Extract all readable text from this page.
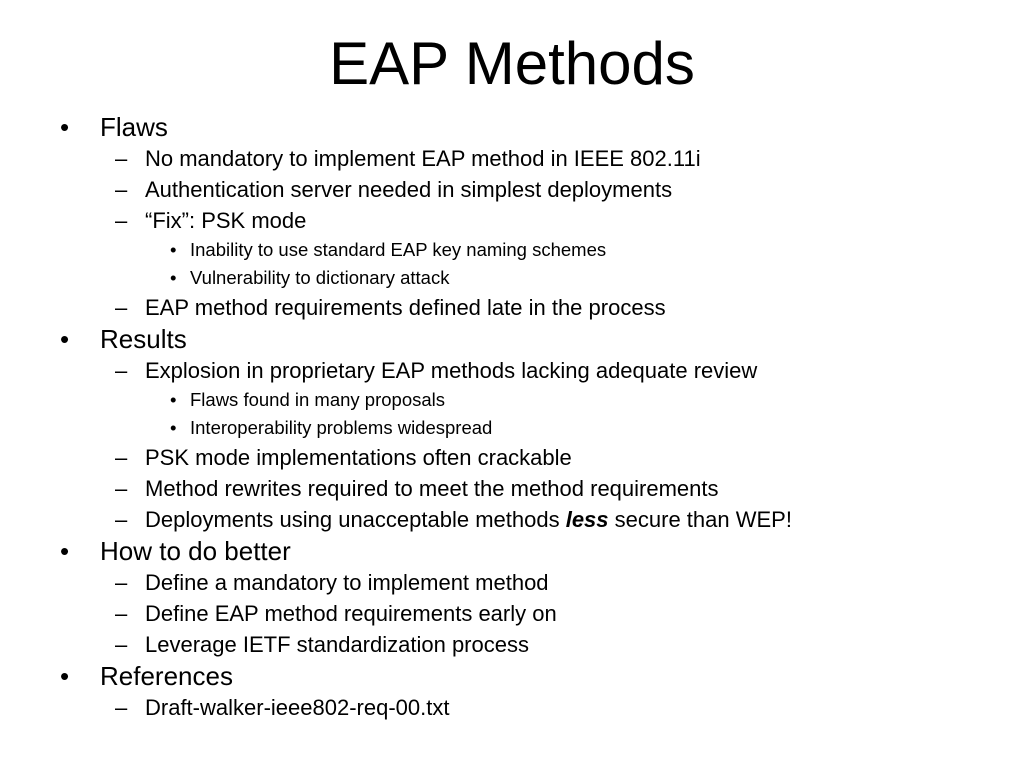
EAP Methods
• Flaws
– No mandatory to implement EAP method in IEEE 802.11i
– Authentication server needed in simplest deployments
– “Fix”: PSK mode
• Inability to use standard EAP key naming schemes
• Vulnerability to dictionary attack
– EAP method requirements defined late in the process
• Results
– Explosion in proprietary EAP methods lacking adequate review
• Flaws found in many proposals
• Interoperability problems widespread
– PSK mode implementations often crackable
– Method rewrites required to meet the method requirements
– Deployments using unacceptable methods less secure than WEP!
• How to do better
– Define a mandatory to implement method
– Define EAP method requirements early on
– Leverage IETF standardization process
• References
– Draft-walker-ieee802-req-00.txt
